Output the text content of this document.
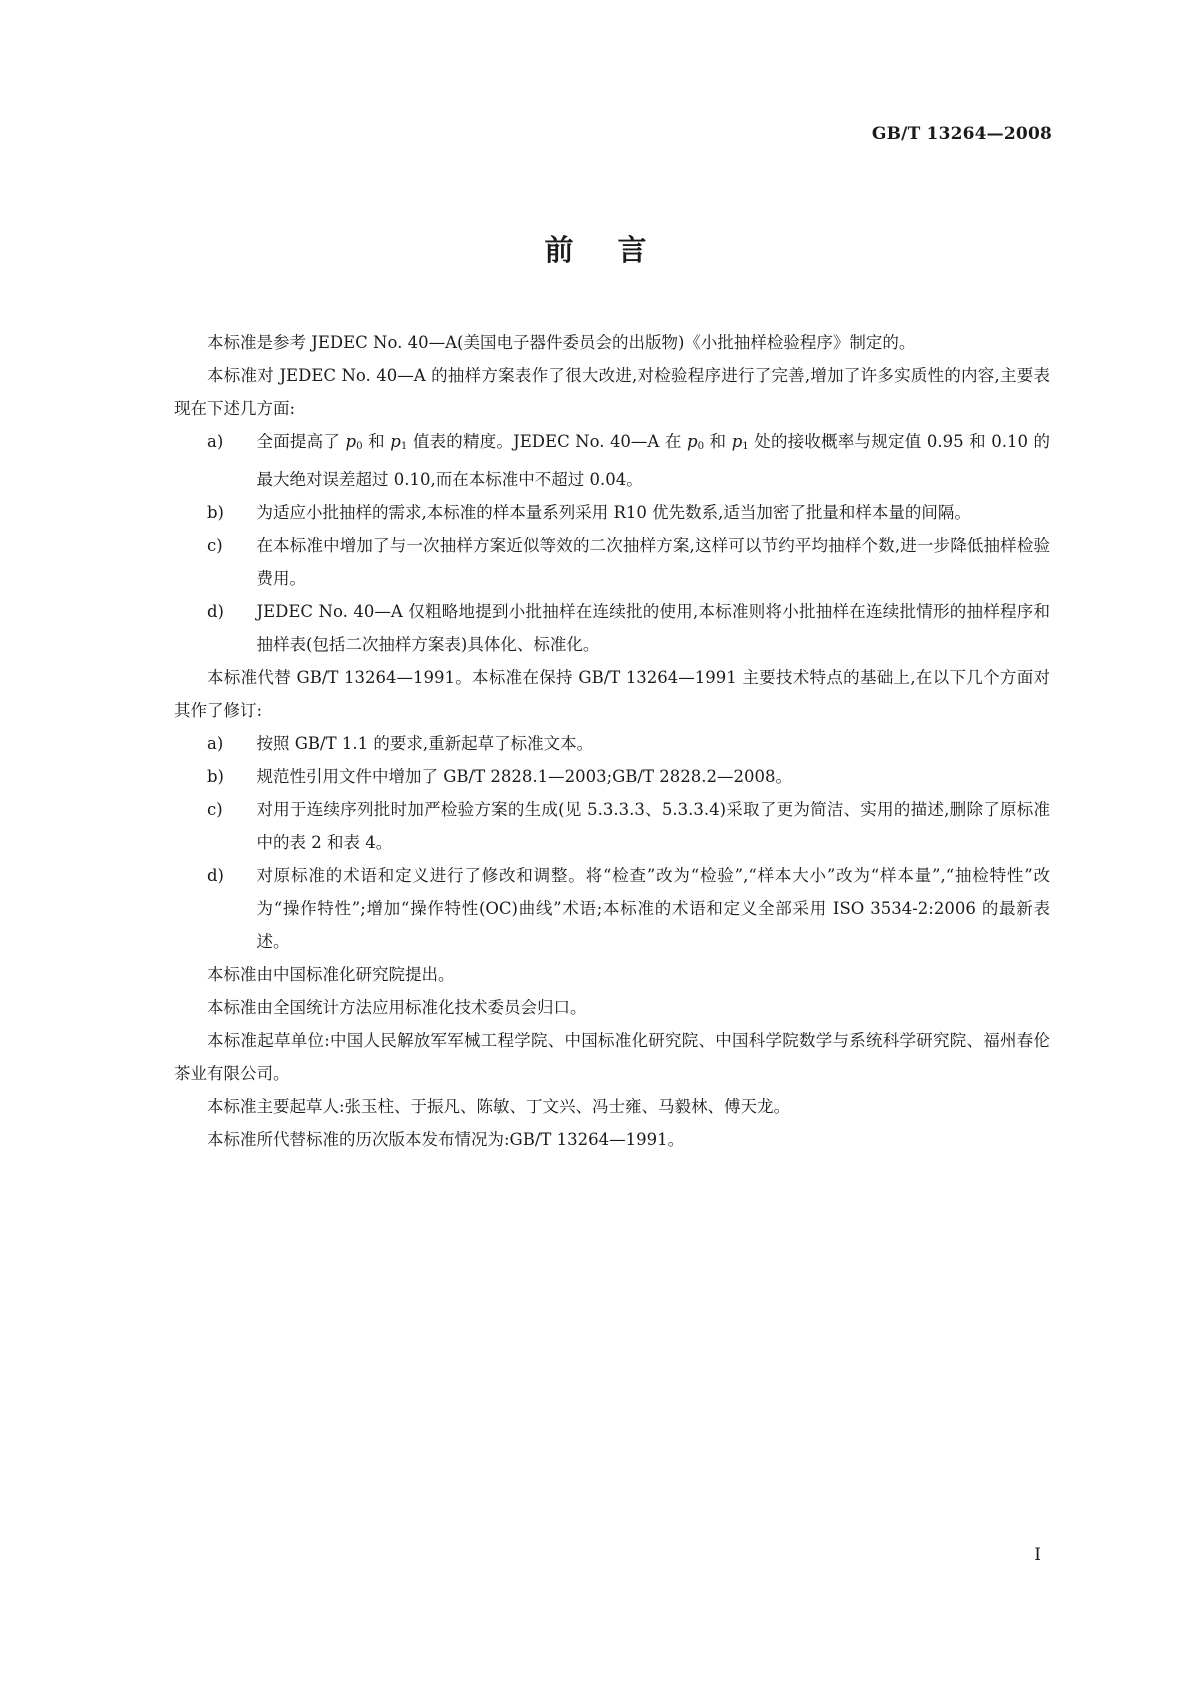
GB/T 13264—2008
前言

本标准是参考 JEDEC No. 40—A(美国电子器件委员会的出版物)《小批抽样检验程序》制定的。

本标准对 JEDEC No. 40—A 的抽样方案表作了很大改进,对检验程序进行了完善,增加了许多实质性的内容,主要表现在下述几方面:

a)	全面提高了 p0 和 p1 值表的精度。JEDEC No. 40—A 在 p0 和 p1 处的接收概率与规定值 0.95 和 0.10 的最大绝对误差超过 0.10,而在本标准中不超过 0.04。
b)	为适应小批抽样的需求,本标准的样本量系列采用 R10 优先数系,适当加密了批量和样本量的间隔。
c)	在本标准中增加了与一次抽样方案近似等效的二次抽样方案,这样可以节约平均抽样个数,进一步降低抽样检验费用。
d)	JEDEC No. 40—A 仅粗略地提到小批抽样在连续批的使用,本标准则将小批抽样在连续批情形的抽样程序和抽样表(包括二次抽样方案表)具体化、标准化。

本标准代替 GB/T 13264—1991。本标准在保持 GB/T 13264—1991 主要技术特点的基础上,在以下几个方面对其作了修订:

a)	按照 GB/T 1.1 的要求,重新起草了标准文本。
b)	规范性引用文件中增加了 GB/T 2828.1—2003;GB/T 2828.2—2008。
c)	对用于连续序列批时加严检验方案的生成(见 5.3.3.3、5.3.3.4)采取了更为简洁、实用的描述,删除了原标准中的表 2 和表 4。
d)	对原标准的术语和定义进行了修改和调整。将“检查”改为“检验”,“样本大小”改为“样本量”,“抽检特性”改为“操作特性”;增加“操作特性(OC)曲线”术语;本标准的术语和定义全部采用 ISO 3534-2:2006 的最新表述。

本标准由中国标准化研究院提出。

本标准由全国统计方法应用标准化技术委员会归口。

本标准起草单位:中国人民解放军军械工程学院、中国标准化研究院、中国科学院数学与系统科学研究院、福州春伦茶业有限公司。

本标准主要起草人:张玉柱、于振凡、陈敏、丁文兴、冯士雍、马毅林、傅天龙。

本标准所代替标准的历次版本发布情况为:GB/T 13264—1991。

I
